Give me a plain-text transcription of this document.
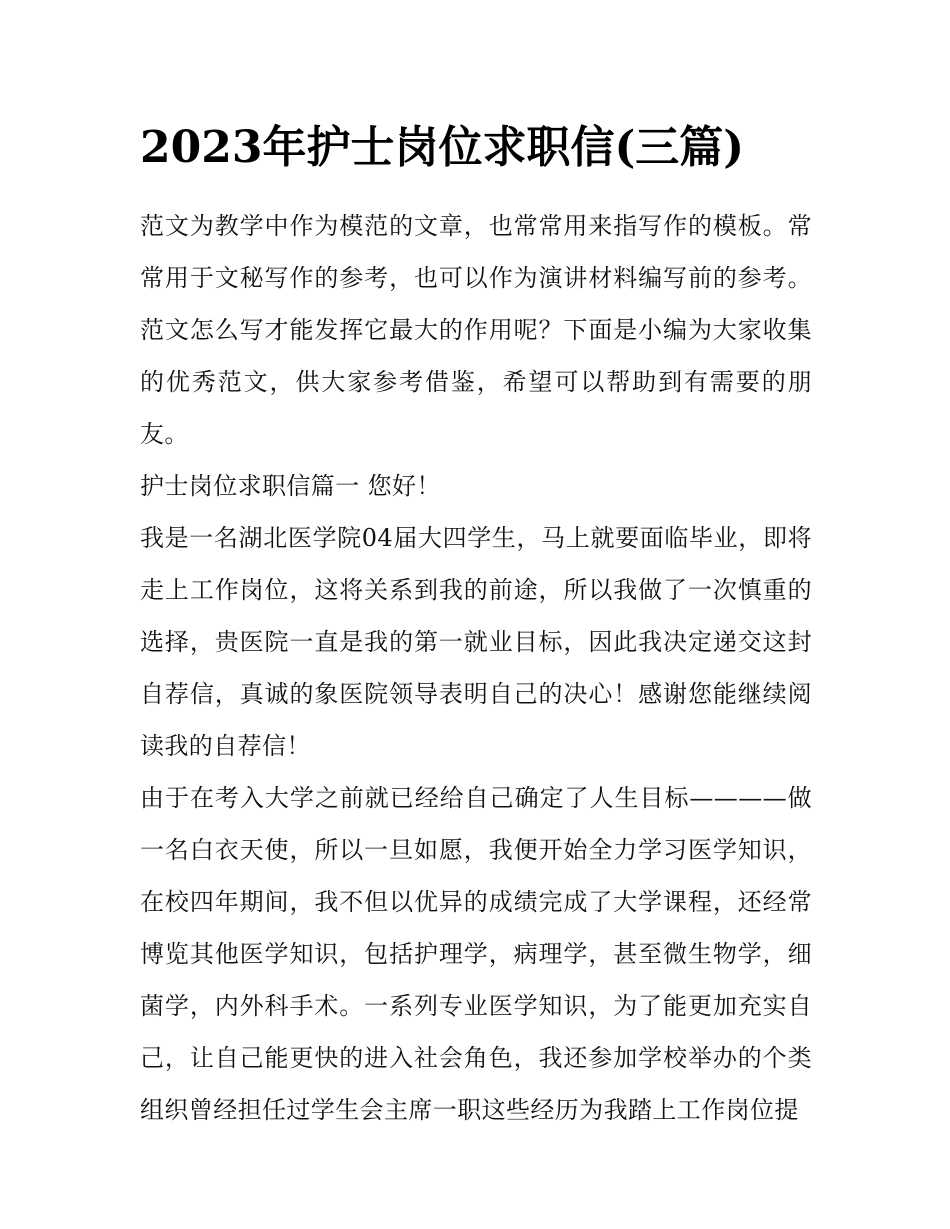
2023年护士岗位求职信(三篇)

范文为教学中作为模范的文章，也常常用来指写作的模板。常常用于文秘写作的参考，也可以作为演讲材料编写前的参考。范文怎么写才能发挥它最大的作用呢？下面是小编为大家收集的优秀范文，供大家参考借鉴，希望可以帮助到有需要的朋友。

护士岗位求职信篇一 您好！

我是一名湖北医学院04届大四学生，马上就要面临毕业，即将走上工作岗位，这将关系到我的前途，所以我做了一次慎重的选择，贵医院一直是我的第一就业目标，因此我决定递交这封自荐信，真诚的象医院领导表明自己的决心！感谢您能继续阅读我的自荐信！

由于在考入大学之前就已经给自己确定了人生目标————做一名白衣天使，所以一旦如愿，我便开始全力学习医学知识，在校四年期间，我不但以优异的成绩完成了大学课程，还经常博览其他医学知识，包括护理学，病理学，甚至微生物学，细菌学，内外科手术。一系列专业医学知识，为了能更加充实自己，让自己能更快的进入社会角色，我还参加学校举办的个类组织曾经担任过学生会主席一职这些经历为我踏上工作岗位提
